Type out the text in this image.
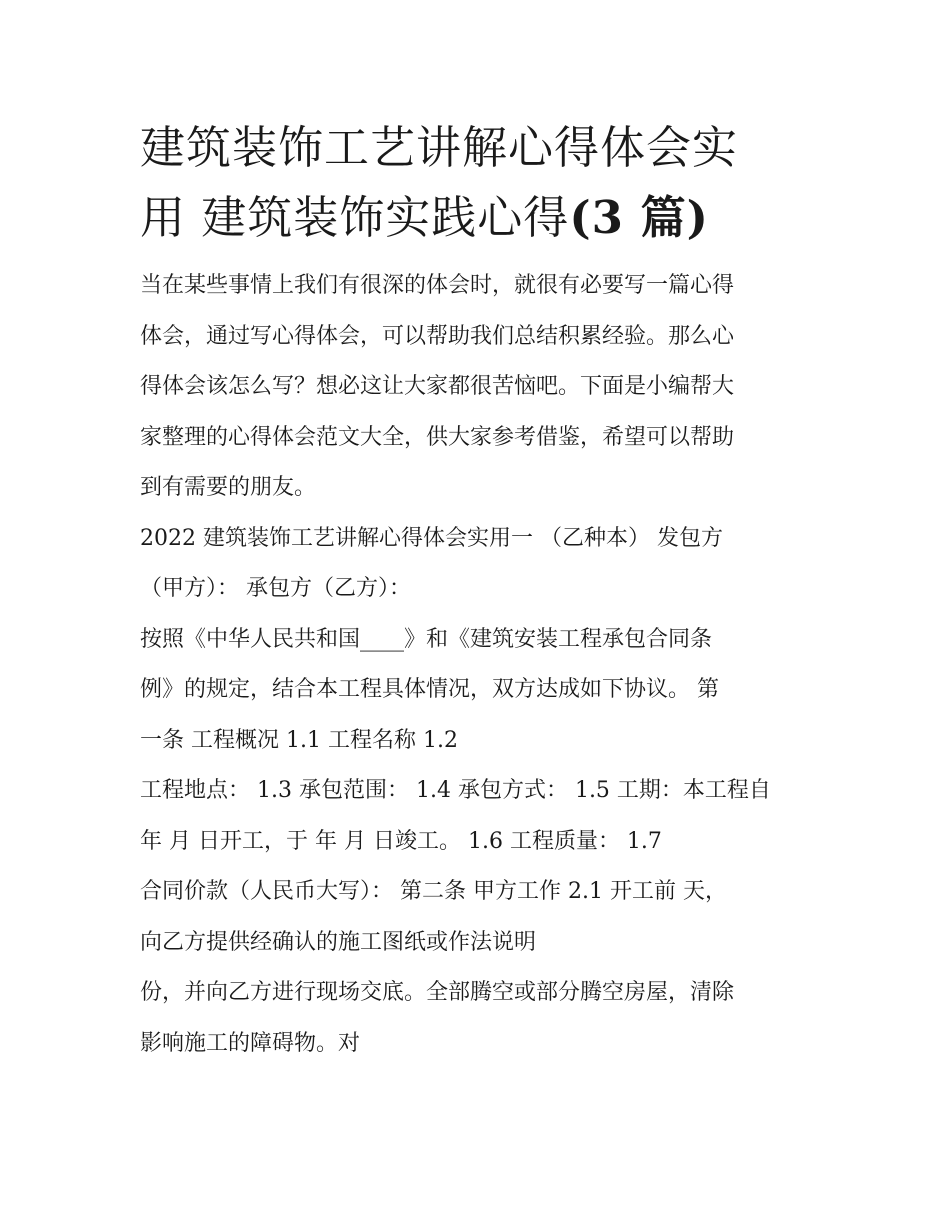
建筑装饰工艺讲解心得体会实
用 建筑装饰实践心得(3 篇)

当在某些事情上我们有很深的体会时，就很有必要写一篇心得
体会，通过写心得体会，可以帮助我们总结积累经验。那么心
得体会该怎么写？想必这让大家都很苦恼吧。下面是小编帮大
家整理的心得体会范文大全，供大家参考借鉴，希望可以帮助
到有需要的朋友。

2022 建筑装饰工艺讲解心得体会实用一 （乙种本） 发包方
（甲方）： 承包方（乙方）：

按照《中华人民共和国____》和《建筑安装工程承包合同条
例》的规定，结合本工程具体情况，双方达成如下协议。 第
一条 工程概况 1.1 工程名称 1.2

工程地点： 1.3 承包范围： 1.4 承包方式： 1.5 工期：本工程自
年 月 日开工，于 年 月 日竣工。 1.6 工程质量： 1.7

合同价款（人民币大写）： 第二条 甲方工作 2.1 开工前 天，
向乙方提供经确认的施工图纸或作法说明

份，并向乙方进行现场交底。全部腾空或部分腾空房屋，清除
影响施工的障碍物。对
